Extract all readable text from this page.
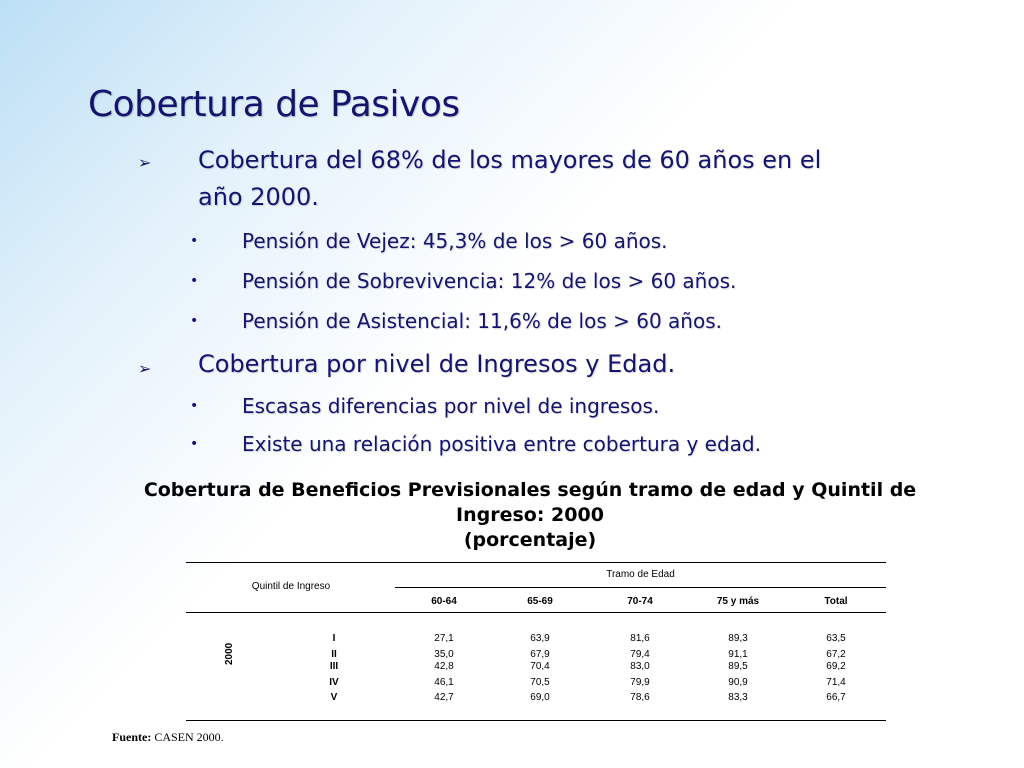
Cobertura de Pasivos
➢ Cobertura del 68% de los mayores de 60 años en el
año 2000.
• Pensión de Vejez: 45,3% de los > 60 años.
• Pensión de Sobrevivencia: 12% de los > 60 años.
• Pensión de Asistencial: 11,6% de los > 60 años.
➢ Cobertura por nivel de Ingresos y Edad.
• Escasas diferencias por nivel de ingresos.
• Existe una relación positiva entre cobertura y edad.
Cobertura de Beneficios Previsionales según tramo de edad y Quintil de
Ingreso: 2000
(porcentaje)
Quintil de Ingreso
Tramo de Edad
60-64	65-69	70-74	75 y más	Total
2000
I	27,1	63,9	81,6	89,3	63,5
II	35,0	67,9	79,4	91,1	67,2
III	42,8	70,4	83,0	89,5	69,2
IV	46,1	70,5	79,9	90,9	71,4
V	42,7	69,0	78,6	83,3	66,7
Fuente: CASEN 2000.
